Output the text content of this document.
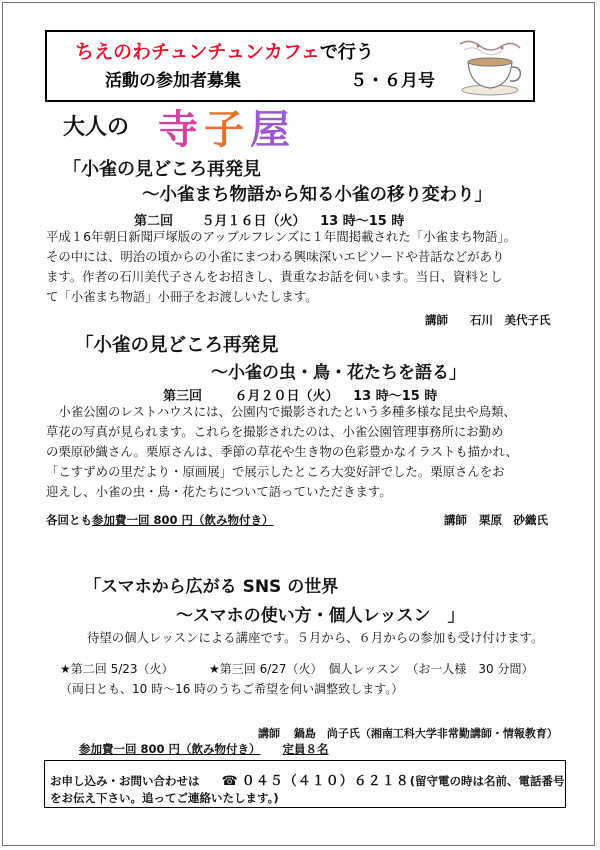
ちえのわチュンチュンカフェで行う
活動の参加者募集	５・６月号
大人の 寺子屋
「小雀の見どころ再発見
～小雀まち物語から知る小雀の移り変わり」
第二回 ５月１６日（火） 13 時～15 時

平成１6年朝日新聞戸塚版のアップルフレンズに１年間掲載された「小雀まち物語」。

その中には、明治の頃からの小雀にまつわる興味深いエピソードや昔話などがあり

ます。作者の石川美代子さんをお招きし、貴重なお話を伺います。当日、資料とし

て「小雀まち物語」小冊子をお渡しいたします。

講師 石川　美代子氏
「小雀の見どころ再発見
～小雀の虫・鳥・花たちを語る」
第三回	６月２０日（火） 13 時～15 時

　小雀公園のレストハウスには、公園内で撮影されたという多種多様な昆虫や鳥類、

草花の写真が見られます。これらを撮影されたのは、小雀公園管理事務所にお勤め

の栗原砂織さん。栗原さんは、季節の草花や生き物の色彩豊かなイラストも描かれ、

「こすずめの里だより・原画展」で展示したところ大変好評でした。栗原さんをお

迎えし、小雀の虫・鳥・花たちについて語っていただきます。

各回とも参加費一回 800 円（飲み物付き）	講師 栗原　砂織氏
「スマホから広がる SNS の世界
～スマホの使い方・個人レッスン　」
待望の個人レッスンによる講座です。５月から、６月からの参加も受け付けます。
★第二回 5/23（火）	★第三回 6/27（火）　個人レッスン　（お一人様　30 分間）
（両日とも、10 時～16 時のうちご希望を伺い調整致します。）
講師 鍋島　尚子氏（湘南工科大学非常勤講師・情報教育）
参加費一回 800 円（飲み物付き） 定員８名
お申し込み・お問い合わせは ☎ ０４５（４１０）６２１８(留守電の時は名前、電話番号
をお伝え下さい。追ってご連絡いたします。)
